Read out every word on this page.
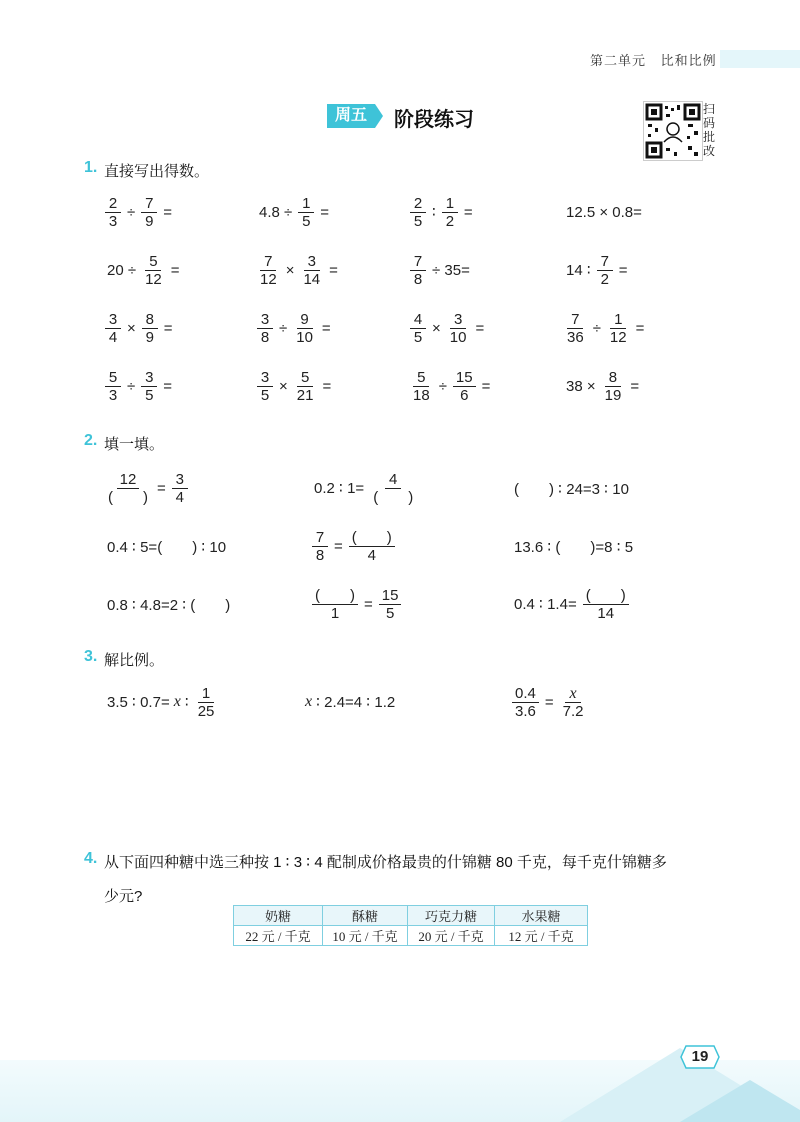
第二单元 比和比例
周五	阶段练习	扫码批改
1. 直接写出得数。
2. 填一填。
3. 解比例。
4. 从下面四种糖中选三种按 1 ∶ 3 ∶ 4 配制成价格最贵的什锦糖 80 千克，每千克什锦糖多
少元?
奶糖	酥糖	巧克力糖	水果糖
22 元 / 千克	10 元 / 千克	20 元 / 千克	12 元 / 千克
19
$\frac{2}{3} \div \frac{7}{9}$ =	$4.8 \div \frac{1}{5}$ =	$\frac{2}{5}$ ∶ $\frac{1}{2}$ =	12.5 × 0.8=
$20 \div \frac{5}{12}$ =	$\frac{7}{12} \times \frac{3}{14}$ =	$\frac{7}{8} \div 35=$	14 ∶ $\frac{7}{2}$ =
$\frac{3}{4} \times \frac{8}{9}$ =	$\frac{3}{8} \div \frac{9}{10}$ =	$\frac{4}{5} \times \frac{3}{10}$ =	$\frac{7}{36} \div \frac{1}{12}$ =
$\frac{5}{3} \div \frac{3}{5}$ =	$\frac{3}{5} \times \frac{5}{21}$ =	$\frac{5}{18} \div \frac{15}{6}$ =	$38 \times \frac{8}{19}$ =
$\frac{12}{( )} = \frac{3}{4}$	0.2 ∶ $1= \frac{4}{( )}$	(　　) ∶ 24=3 ∶ 10
0.4 ∶ 5=(　　) ∶ 10	$\frac{7}{8} = \frac{( )}{4}$	13.6 ∶ (　　)=8 ∶ 5
0.8 ∶ 4.8=2 ∶ (　　)	$\frac{( )}{1} = \frac{15}{5}$	0.4 ∶ $1.4= \frac{( )}{14}$
3.5 ∶ 0.7= x ∶ $\frac{1}{25}$	x ∶ 2.4=4 ∶ 1.2	$\frac{0.4}{3.6} = \frac{x}{7.2}$
